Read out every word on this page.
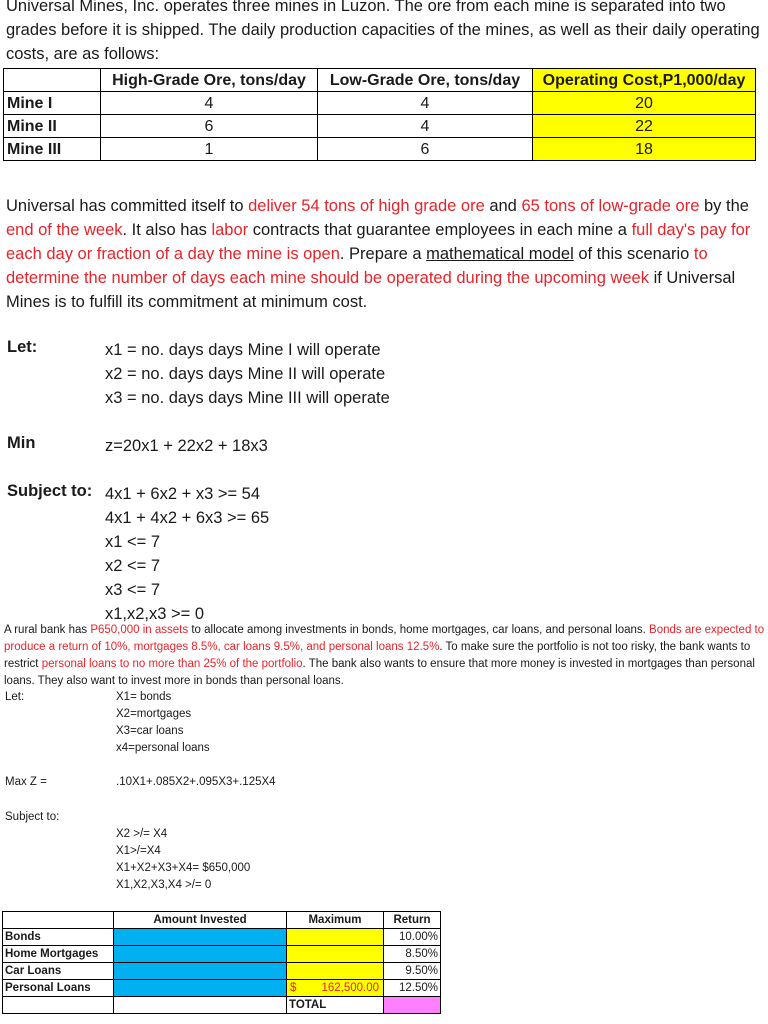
Universal Mines, Inc. operates three mines in Luzon. The ore from each mine is separated into two grades before it is shipped. The daily production capacities of the mines, as well as their daily operating costs, are as follows:
	High-Grade Ore, tons/day	Low-Grade Ore, tons/day	Operating Cost,P1,000/day
Mine I	4	4	20
Mine II	6	4	22
Mine III	1	6	18
Universal has committed itself to deliver 54 tons of high grade ore and 65 tons of low-grade ore by the end of the week. It also has labor contracts that guarantee employees in each mine a full day's pay for each day or fraction of a day the mine is open. Prepare a mathematical model of this scenario to determine the number of days each mine should be operated during the upcoming week if Universal Mines is to fulfill its commitment at minimum cost.
Let:	x1 = no. days days Mine I will operate
x2 = no. days days Mine II will operate
x3 = no. days days Mine III will operate
Min	z=20x1 + 22x2 + 18x3
Subject to: 4x1 + 6x2 + x3 >= 54
4x1 + 4x2 + 6x3 >= 65
x1 <= 7
x2 <= 7
x3 <= 7
x1,x2,x3 >= 0
A rural bank has P650,000 in assets to allocate among investments in bonds, home mortgages, car loans, and personal loans. Bonds are expected to produce a return of 10%, mortgages 8.5%, car loans 9.5%, and personal loans 12.5%. To make sure the portfolio is not too risky, the bank wants to restrict personal loans to no more than 25% of the portfolio. The bank also wants to ensure that more money is invested in mortgages than personal loans. They also want to invest more in bonds than personal loans.
Let:	X1= bonds
X2=mortgages
X3=car loans
x4=personal loans
Max Z =	.10X1+.085X2+.095X3+.125X4
Subject to:
X2 >/= X4
X1>/=X4
X1+X2+X3+X4= $650,000
X1,X2,X3,X4 >/= 0
	Amount Invested	Maximum	Return
Bonds			10.00%
Home Mortgages			8.50%
Car Loans			9.50%
Personal Loans		$ 162,500.00	12.50%
		TOTAL	
